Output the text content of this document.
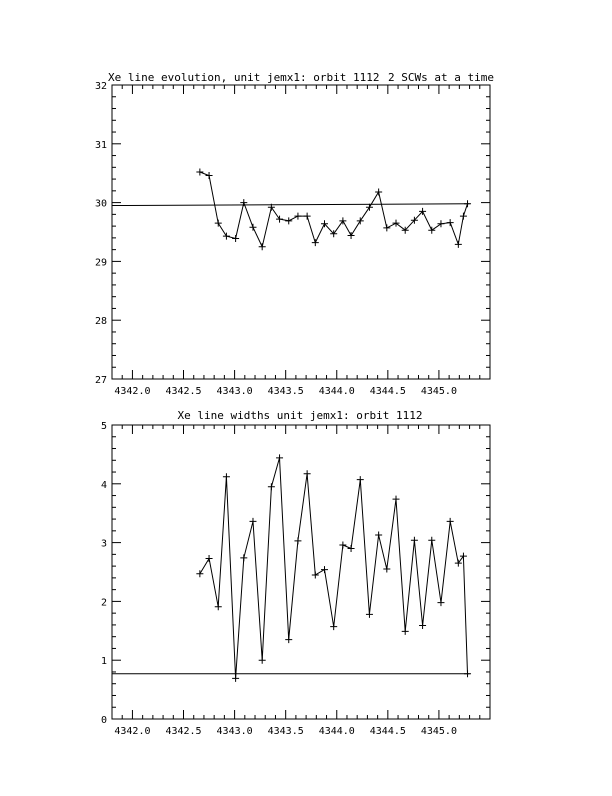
Xe line evolution, unit jemx1: orbit 1112 2 SCWs at a time
4342.0 4342.5 4343.0 4343.5 4344.0 4344.5 4345.0
27
28
29
30
31
32
Xe line widths unit jemx1: orbit 1112
4342.0 4342.5 4343.0 4343.5 4344.0 4344.5 4345.0
0
1
2
3
4
5
